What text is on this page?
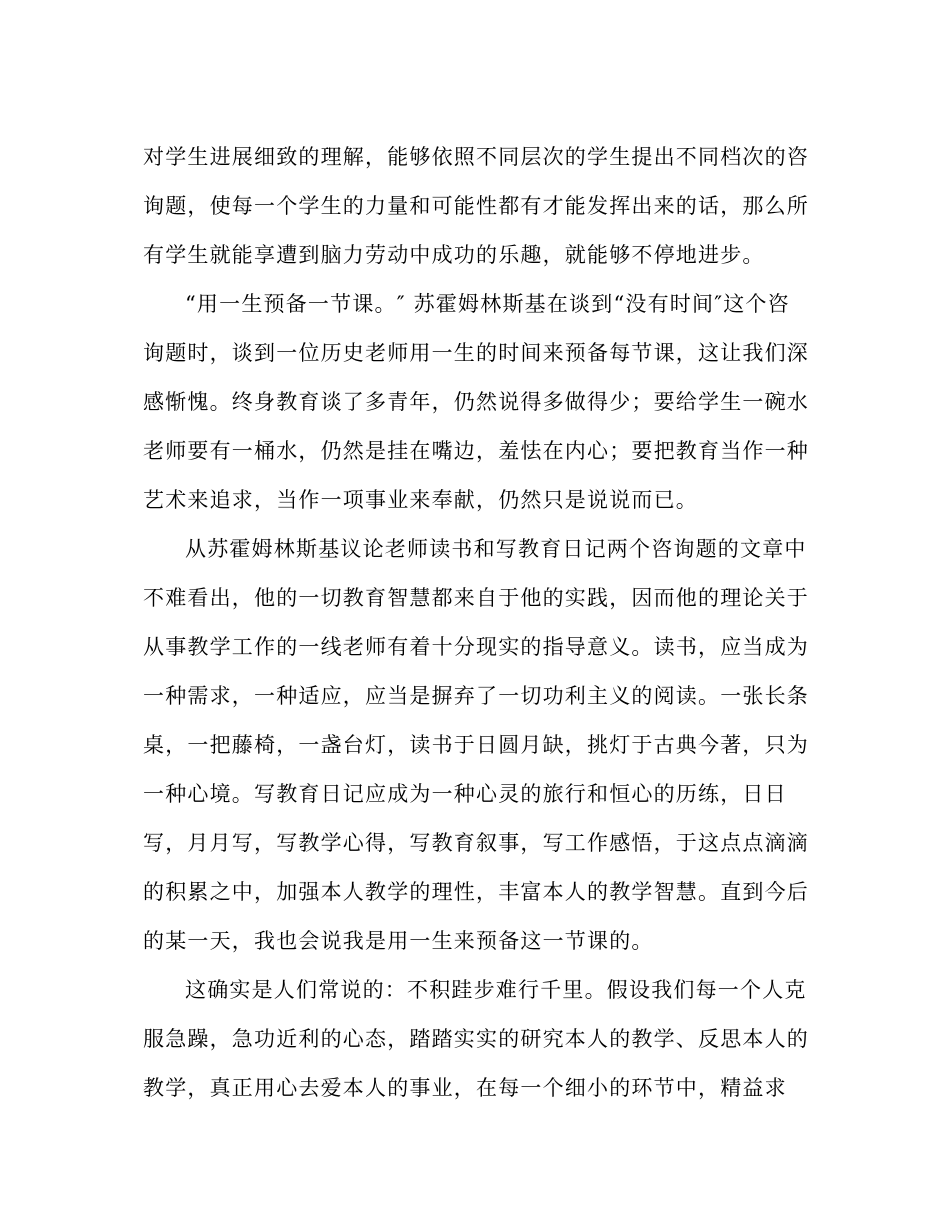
对学生进展细致的理解，能够依照不同层次的学生提出不同档次的咨
询题，使每一个学生的力量和可能性都有才能发挥出来的话，那么所
有学生就能享遭到脑力劳动中成功的乐趣，就能够不停地进步。
“用一生预备一节课。″ 苏霍姆林斯基在谈到“没有时间″这个咨
询题时，谈到一位历史老师用一生的时间来预备每节课，这让我们深
感惭愧。终身教育谈了多青年，仍然说得多做得少；要给学生一碗水
老师要有一桶水，仍然是挂在嘴边，羞怯在内心；要把教育当作一种
艺术来追求，当作一项事业来奉献，仍然只是说说而已。
从苏霍姆林斯基议论老师读书和写教育日记两个咨询题的文章中
不难看出，他的一切教育智慧都来自于他的实践，因而他的理论关于
从事教学工作的一线老师有着十分现实的指导意义。读书，应当成为
一种需求，一种适应，应当是摒弃了一切功利主义的阅读。一张长条
桌，一把藤椅，一盏台灯，读书于日圆月缺，挑灯于古典今著，只为
一种心境。写教育日记应成为一种心灵的旅行和恒心的历练，日日
写，月月写，写教学心得，写教育叙事，写工作感悟，于这点点滴滴
的积累之中，加强本人教学的理性，丰富本人的教学智慧。直到今后
的某一天，我也会说我是用一生来预备这一节课的。
这确实是人们常说的：不积跬步难行千里。假设我们每一个人克
服急躁，急功近利的心态，踏踏实实的研究本人的教学、反思本人的
教学，真正用心去爱本人的事业，在每一个细小的环节中，精益求
